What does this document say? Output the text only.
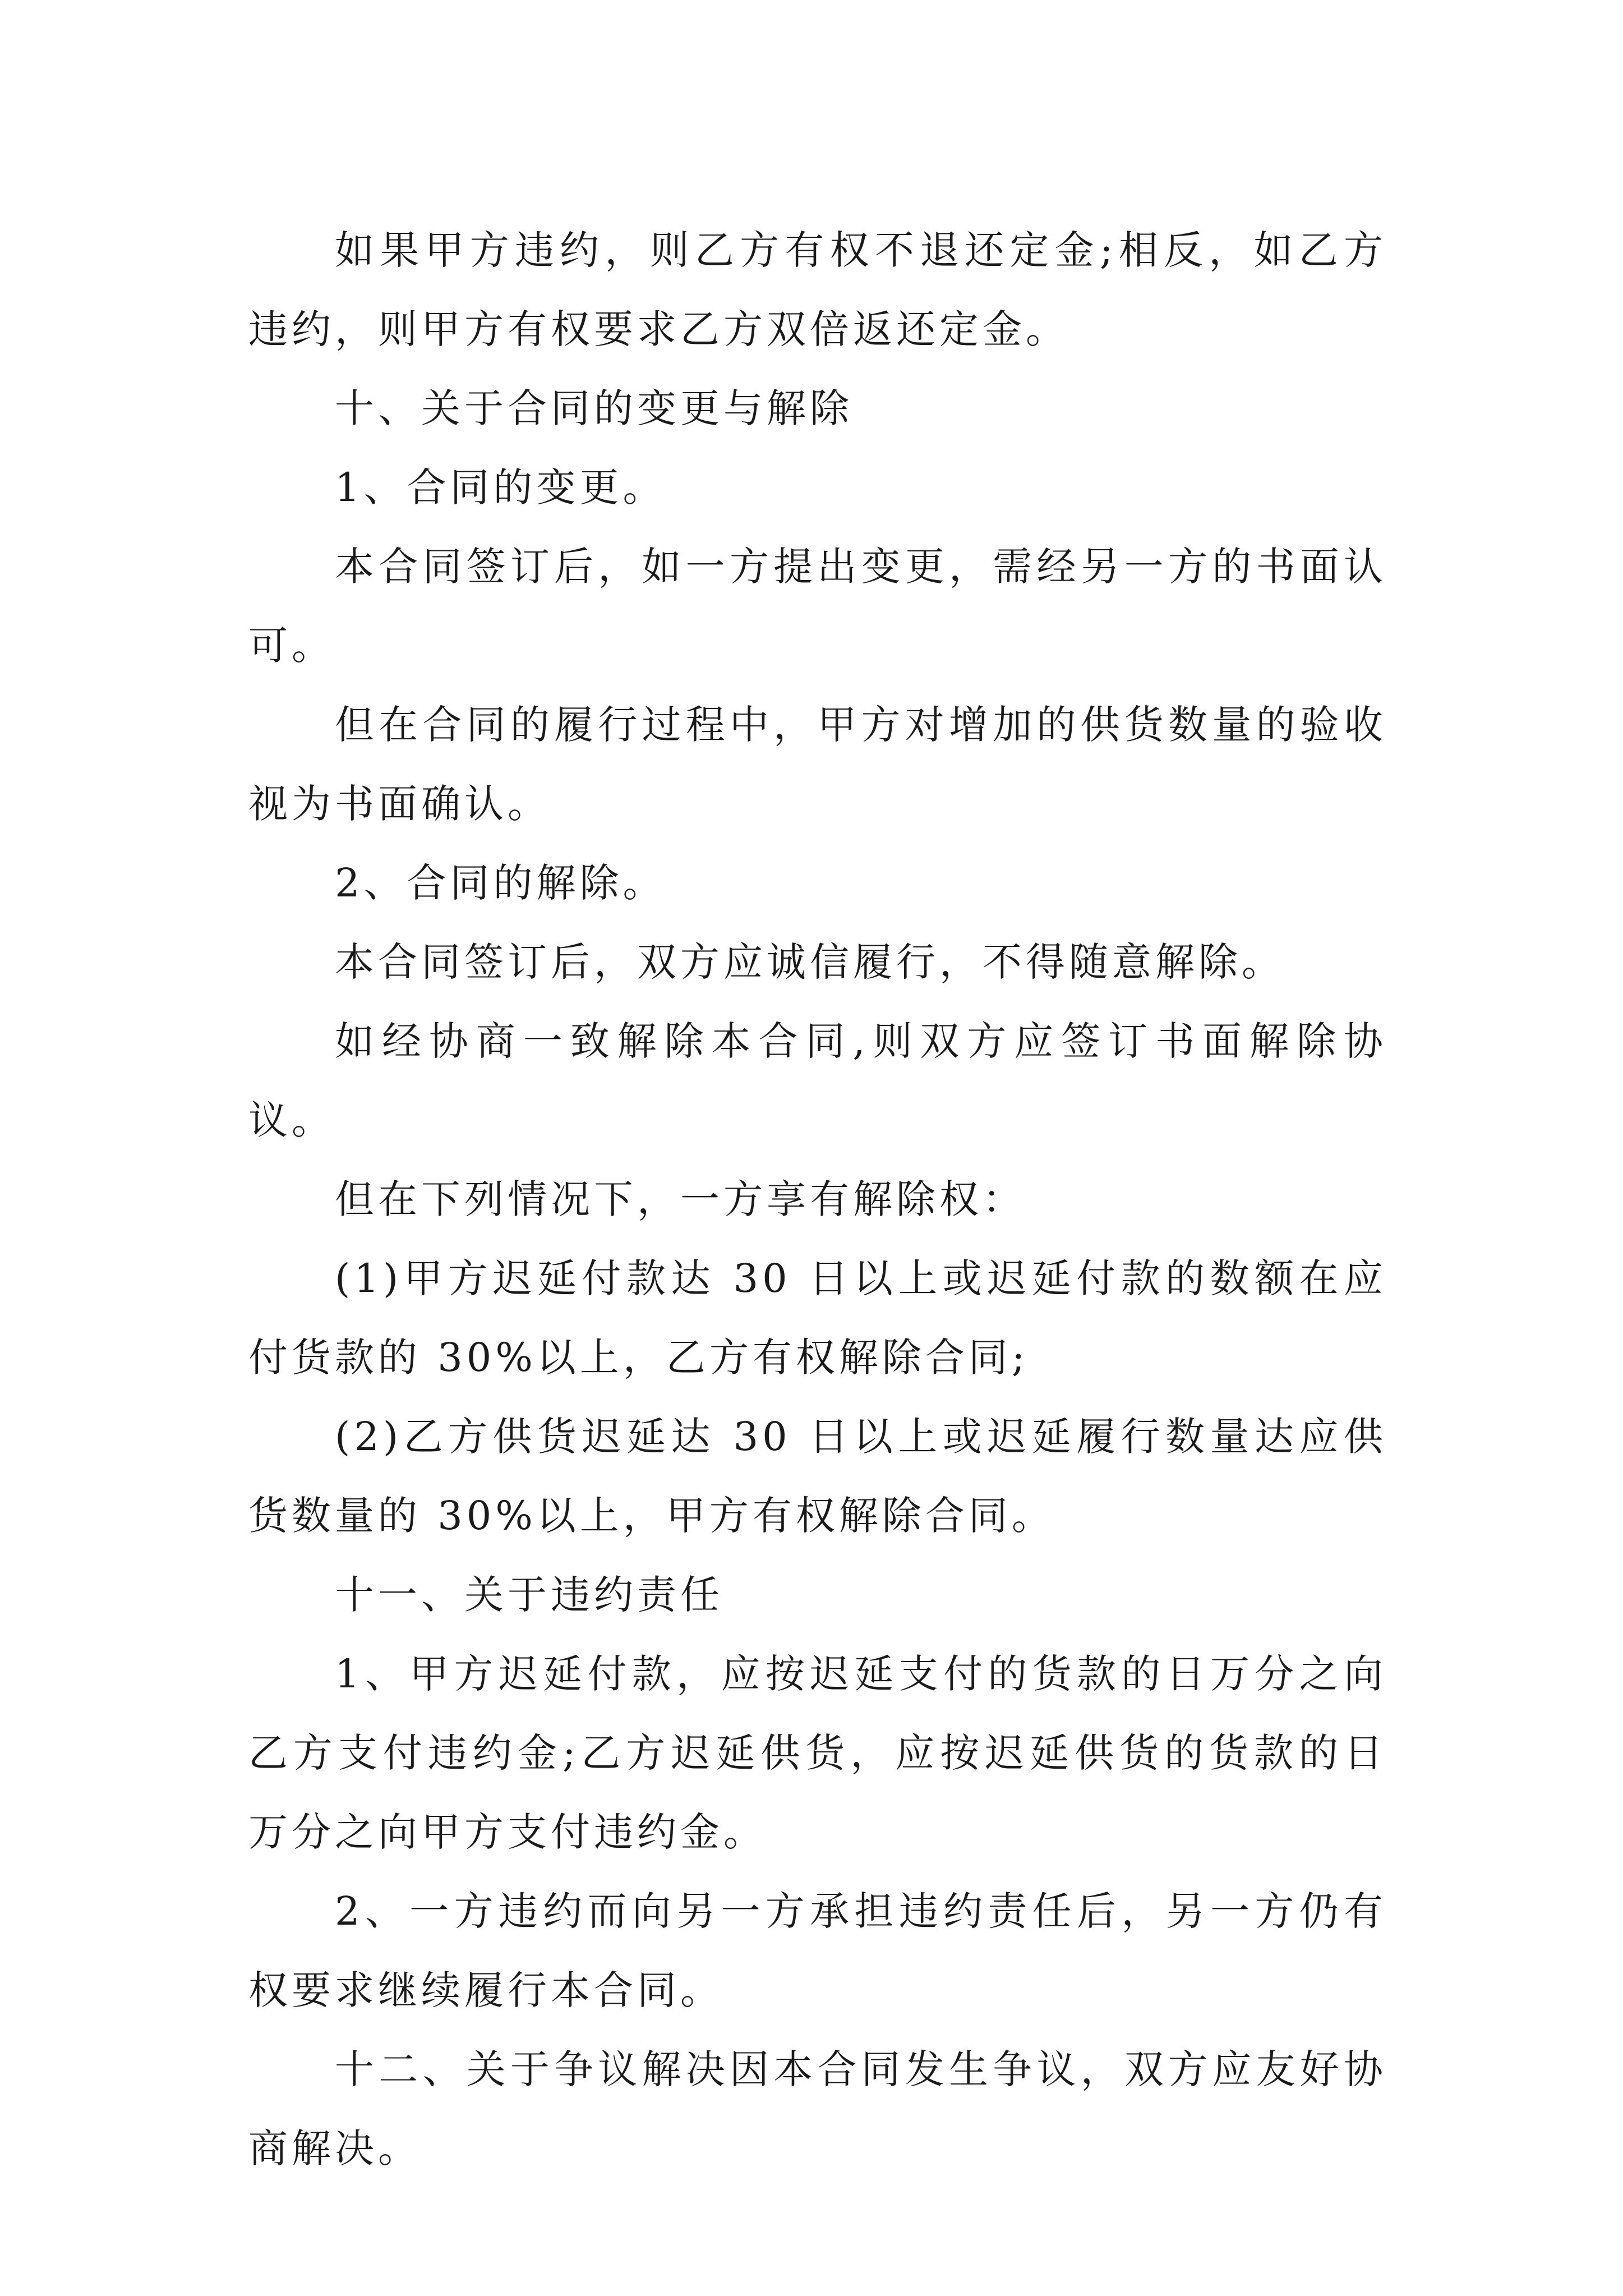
如果甲方违约，则乙方有权不退还定金;相反，如乙方违约，则甲方有权要求乙方双倍返还定金。

十、关于合同的变更与解除

1、合同的变更。

本合同签订后，如一方提出变更，需经另一方的书面认可。

但在合同的履行过程中，甲方对增加的供货数量的验收视为书面确认。

2、合同的解除。

本合同签订后，双方应诚信履行，不得随意解除。

如经协商一致解除本合同,则双方应签订书面解除协议。

但在下列情况下，一方享有解除权：

(1)甲方迟延付款达 30 日以上或迟延付款的数额在应付货款的 30%以上，乙方有权解除合同;

(2)乙方供货迟延达 30 日以上或迟延履行数量达应供货数量的 30%以上，甲方有权解除合同。

十一、关于违约责任

1、甲方迟延付款，应按迟延支付的货款的日万分之向乙方支付违约金;乙方迟延供货，应按迟延供货的货款的日万分之向甲方支付违约金。

2、一方违约而向另一方承担违约责任后，另一方仍有权要求继续履行本合同。

十二、关于争议解决因本合同发生争议，双方应友好协商解决。
